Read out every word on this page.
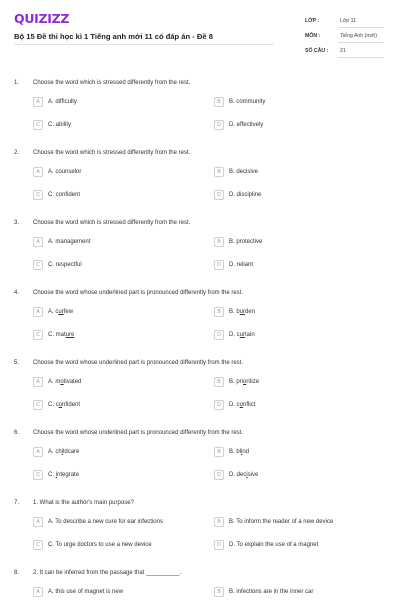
QUIZIZZ
Bộ 15 Đề thi học kì 1 Tiếng anh mới 11 có đáp án - Đề 8
LỚP :	Lớp 11
MÔN :	Tiếng Anh (mới)
SỐ CÂU : 21
1. Choose the word which is stressed differently from the rest.
A	A. difficulty	B	B. community
C	C. ability	D	D. effectively
2. Choose the word which is stressed differently from the rest.
A	A. counselor	B	B. decisive
C	C. confident	D	D. discipline
3. Choose the word which is stressed differently from the rest.
A	A. management	B	B. protective
C	C. respectful	D	D. reliant
4. Choose the word whose underlined part is pronounced differently from the rest.
A	A. curfew	B	B. burden
C	C. mature	D	D. curtain
5. Choose the word whose underlined part is pronounced differently from the rest.
A	A. motivated	B	B. prioritize
C	C. confident	D	D. conflict
6. Choose the word whose underlined part is pronounced differently from the rest.
A	A. childcare	B	B. blind
C	C. integrate	D	D. decisive
7. 1. What is the author's main purpose?
A	A. To describe a new cure for ear infections	B	B. To inform the reader of a new device
C	C. To urge doctors to use a new device	D	D. To explain the use of a magnet
8. 2. It can be inferred from the passage that __________.
A	A. this use of magnet is new	B	B. infections are in the inner car
